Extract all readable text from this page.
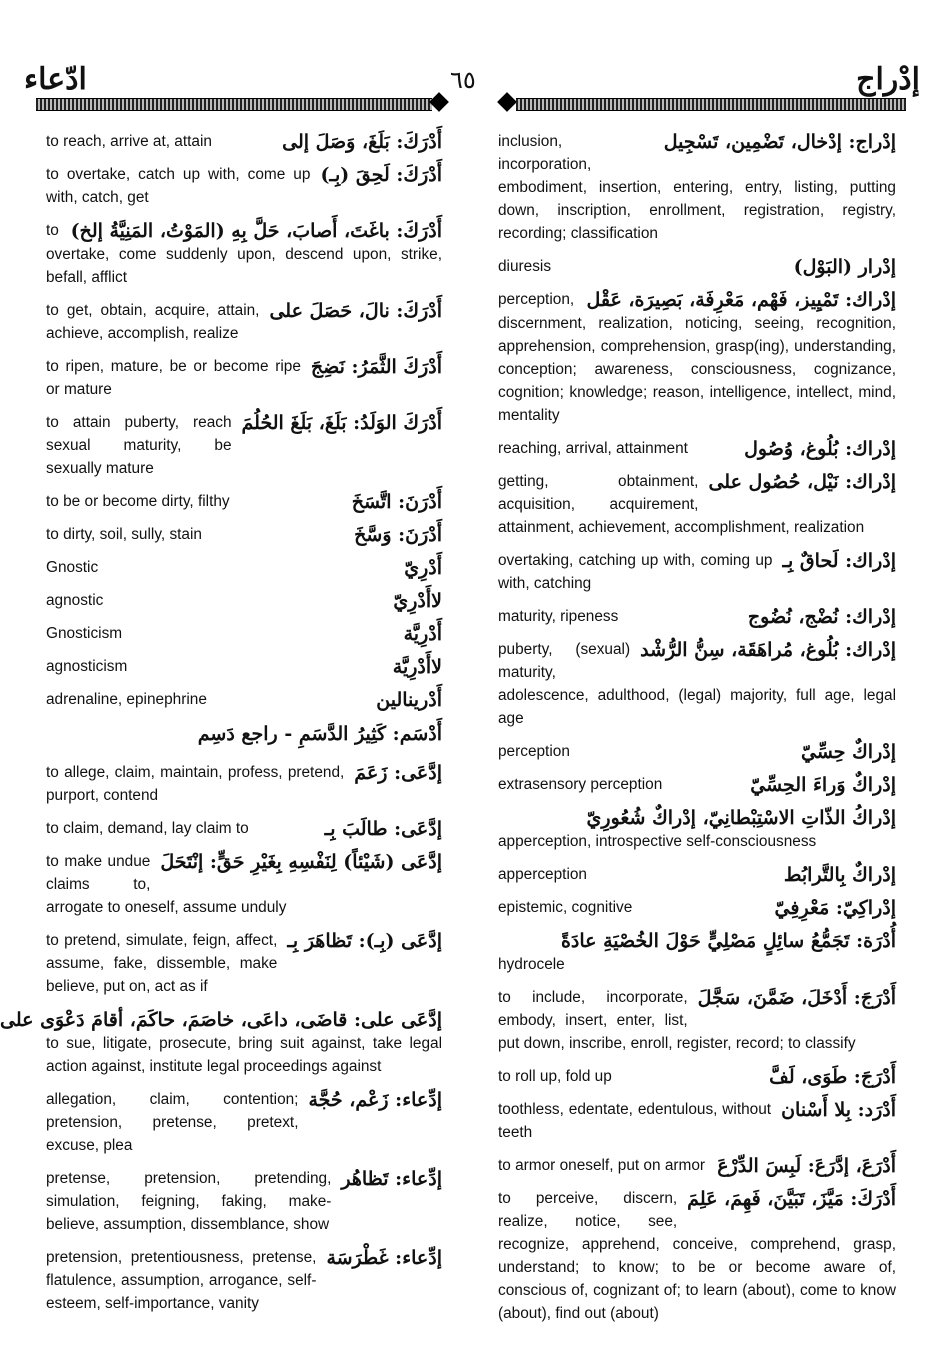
ادّعاء	٦٥	إدْراج
أَدْرَكَ: بَلَغَ، وَصَلَ إلى
to reach, arrive at, attain
أَدْرَكَ: لَحِقَ (بِـ)
to overtake, catch up with, come up with, catch, get
أَدْرَكَ: باغَتَ، أَصابَ، حَلَّ بِهِ (المَوْتُ، المَنِيَّةُ إلخ)
to overtake, come suddenly upon, descend upon, strike, befall, afflict
أَدْرَكَ: نالَ، حَصَلَ على
to get, obtain, acquire, attain, achieve, accomplish, realize
أَدْرَكَ الثَّمَرُ: نَضِجَ
to ripen, mature, be or become ripe or mature
أَدْرَكَ الوَلَدُ: بَلَغَ، بَلَغَ الحُلُمَ
to attain puberty, reach sexual maturity, be sexually mature
أَدْرَنَ: اتَّسَخَ
to be or become dirty, filthy
أَدْرَنَ: وَسَّخَ
to dirty, soil, sully, stain
أَدْرِيّ
Gnostic
لاأَدْرِيّ
agnostic
أَدْرِيَّة
Gnosticism
لاأَدْرِيَّة
agnosticism
أَدْرينالين
adrenaline, epinephrine
أَدْسَم: كَثِيرُ الدَّسَمِ - راجع دَسِم
إدَّعَى: زَعَمَ
to allege, claim, maintain, profess, pretend, purport, contend
إدَّعَى: طالَبَ بِـ
to claim, demand, lay claim to
إدَّعَى (شَيْئاً) لِنَفْسِهِ بِغَيْرِ حَقٍّ: إنْتَحَلَ
to make undue claims to, arrogate to oneself, assume unduly
إدَّعَى (بِـ): تَظاهَرَ بِـ
to pretend, simulate, feign, affect, assume, fake, dissemble, make believe, put on, act as if
إدَّعَى على: قاضَى، داعَى، خاصَمَ، حاكَمَ، أقامَ دَعْوَى على
to sue, litigate, prosecute, bring suit against, take legal action against, institute legal proceedings against
إدِّعاء: زَعْم، حُجَّة
allegation, claim, contention; pretension, pretense, pretext, excuse, plea
إدِّعاء: تَظاهُر
pretense, pretension, pretending, simulation, feigning, faking, make-believe, assumption, dissemblance, show
إدِّعاء: غَطْرَسَة
pretension, pretentiousness, pretense, flatulence, assumption, arrogance, self-esteem, self-importance, vanity
إدْراج: إدْخال، تَضْمِين، تَسْجِيل
inclusion, incorporation, embodiment, insertion, entering, entry, listing, putting down, inscription, enrollment, registration, registry, recording; classification
إدْرار (البَوْل)
diuresis
إدْراك: تَمْيِيز، فَهْم، مَعْرِفَة، بَصِيرَة، عَقْل
perception, discernment, realization, noticing, seeing, recognition, apprehension, comprehension, grasp(ing), understanding, conception; awareness, consciousness, cognizance, cognition; knowledge; reason, intelligence, intellect, mind, mentality
إدْراك: بُلُوغ، وُصُول
reaching, arrival, attainment
إدْراك: نَيْل، حُصُول على
getting, obtainment, acquisition, acquirement, attainment, achievement, accomplishment, realization
إدْراك: لَحاقٌ بِـ
overtaking, catching up with, coming up with, catching
إدْراك: نُضْج، نُضُوج
maturity, ripeness
إدْراك: بُلُوغ، مُراهَقَة، سِنُّ الرُّشْد
puberty, (sexual) maturity, adolescence, adulthood, (legal) majority, full age, legal age
إدْراكٌ حِسِّيّ
perception
إدْراكٌ وَراءَ الحِسِّيّ
extrasensory perception
إدْراكُ الذّاتِ الاسْتِبْطانِيّ، إدْراكٌ شُعُورِيّ
apperception, introspective self-consciousness
إدْراكٌ بِالتَّرابُط
apperception
إدْراكِيّ: مَعْرِفِيّ
epistemic, cognitive
أُدْرَة: تَجَمُّعُ سائِلٍ مَصْلِيٍّ حَوْلَ الخُصْيَةِ عادَةً
hydrocele
أَدْرَجَ: أَدْخَلَ، ضَمَّنَ، سَجَّلَ
to include, incorporate, embody, insert, enter, list, put down, inscribe, enroll, register, record; to classify
أَدْرَجَ: طَوَى، لَفَّ
to roll up, fold up
أَدْرَد: بِلا أَسْنان
toothless, edentate, edentulous, without teeth
أَدْرَعَ، إدَّرَعَ: لَبِسَ الدِّرْعَ
to armor oneself, put on armor
أَدْرَكَ: مَيَّزَ، تَبَيَّنَ، فَهِمَ، عَلِمَ
to perceive, discern, realize, notice, see, recognize, apprehend, conceive, comprehend, grasp, understand; to know; to be or become aware of, conscious of, cognizant of; to learn (about), come to know (about), find out (about)
